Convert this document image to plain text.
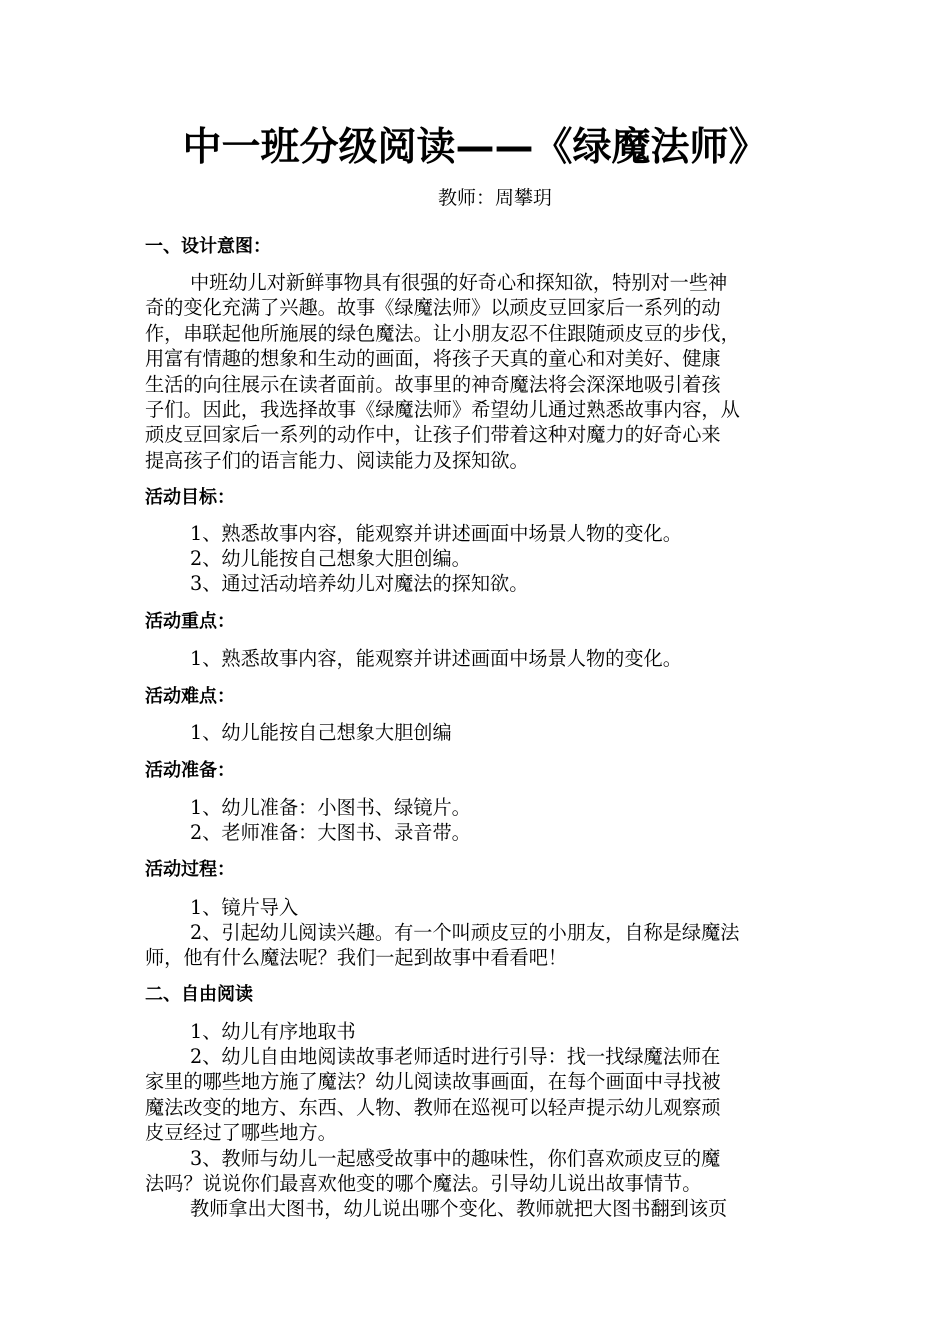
中一班分级阅读——《绿魔法师》
教师：周攀玥
一、设计意图：
中班幼儿对新鲜事物具有很强的好奇心和探知欲，特别对一些神
奇的变化充满了兴趣。故事《绿魔法师》以顽皮豆回家后一系列的动
作，串联起他所施展的绿色魔法。让小朋友忍不住跟随顽皮豆的步伐，
用富有情趣的想象和生动的画面，将孩子天真的童心和对美好、健康
生活的向往展示在读者面前。故事里的神奇魔法将会深深地吸引着孩
子们。因此，我选择故事《绿魔法师》希望幼儿通过熟悉故事内容，从
顽皮豆回家后一系列的动作中，让孩子们带着这种对魔力的好奇心来
提高孩子们的语言能力、阅读能力及探知欲。
活动目标：
1、熟悉故事内容，能观察并讲述画面中场景人物的变化。
2、幼儿能按自己想象大胆创编。
3、通过活动培养幼儿对魔法的探知欲。
活动重点：
1、熟悉故事内容，能观察并讲述画面中场景人物的变化。
活动难点：
1、幼儿能按自己想象大胆创编
活动准备：
1、幼儿准备：小图书、绿镜片。
2、老师准备：大图书、录音带。
活动过程：
1、镜片导入
2、引起幼儿阅读兴趣。有一个叫顽皮豆的小朋友，自称是绿魔法
师，他有什么魔法呢？我们一起到故事中看看吧！
二、自由阅读
1、幼儿有序地取书
2、幼儿自由地阅读故事老师适时进行引导：找一找绿魔法师在
家里的哪些地方施了魔法？幼儿阅读故事画面，在每个画面中寻找被
魔法改变的地方、东西、人物、教师在巡视可以轻声提示幼儿观察顽
皮豆经过了哪些地方。
3、教师与幼儿一起感受故事中的趣味性，你们喜欢顽皮豆的魔
法吗？说说你们最喜欢他变的哪个魔法。引导幼儿说出故事情节。
教师拿出大图书，幼儿说出哪个变化、教师就把大图书翻到该页
